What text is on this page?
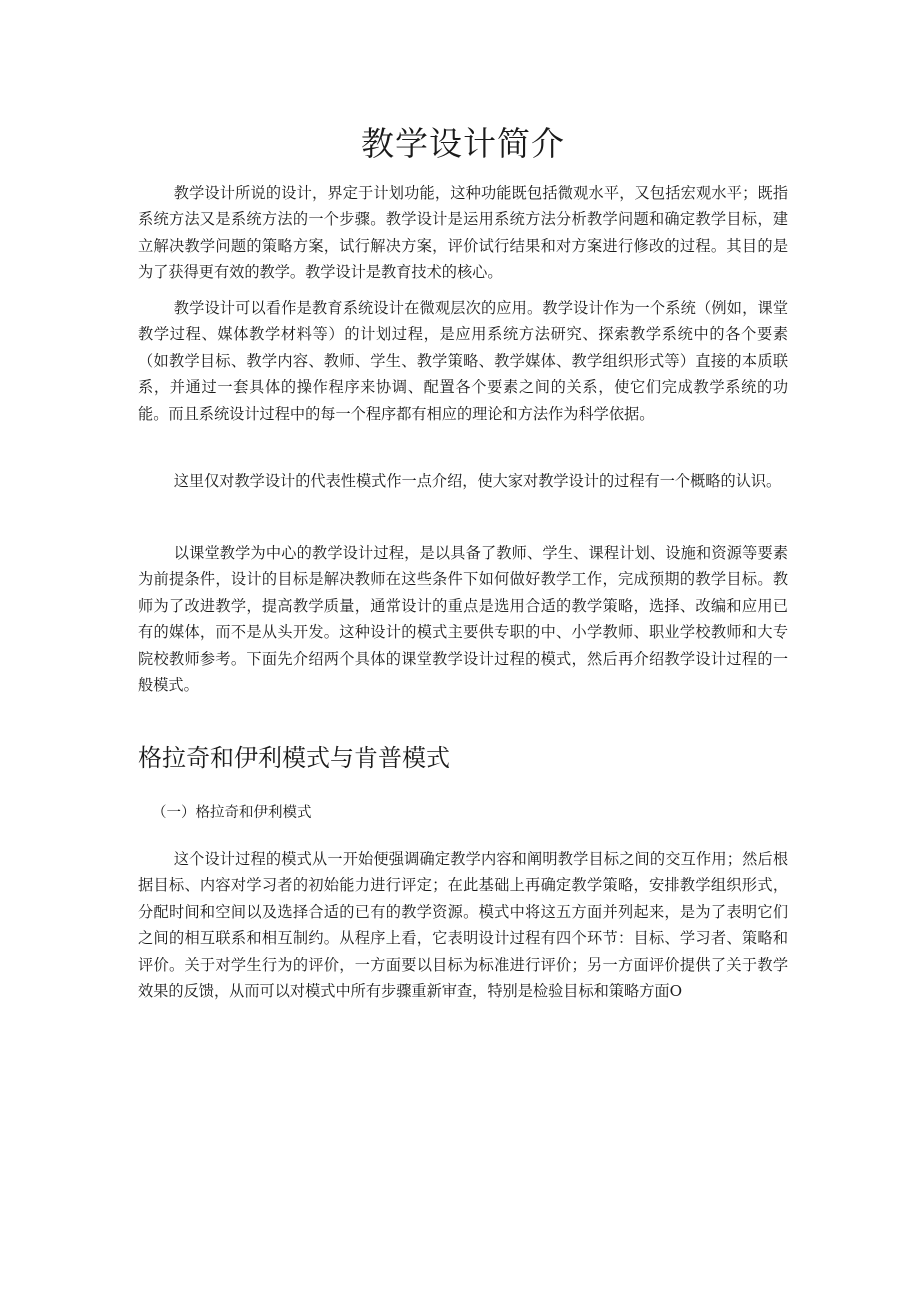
教学设计简介

教学设计所说的设计，界定于计划功能，这种功能既包括微观水平，又包括宏观水平；既指系统方法又是系统方法的一个步骤。教学设计是运用系统方法分析教学问题和确定教学目标，建立解决教学问题的策略方案，试行解决方案，评价试行结果和对方案进行修改的过程。其目的是为了获得更有效的教学。教学设计是教育技术的核心。

教学设计可以看作是教育系统设计在微观层次的应用。教学设计作为一个系统（例如，课堂教学过程、媒体教学材料等）的计划过程，是应用系统方法研究、探索教学系统中的各个要素（如教学目标、教学内容、教师、学生、教学策略、教学媒体、教学组织形式等）直接的本质联系，并通过一套具体的操作程序来协调、配置各个要素之间的关系，使它们完成教学系统的功能。而且系统设计过程中的每一个程序都有相应的理论和方法作为科学依据。

这里仅对教学设计的代表性模式作一点介绍，使大家对教学设计的过程有一个概略的认识。

以课堂教学为中心的教学设计过程，是以具备了教师、学生、课程计划、设施和资源等要素为前提条件，设计的目标是解决教师在这些条件下如何做好教学工作，完成预期的教学目标。教师为了改进教学，提高教学质量，通常设计的重点是选用合适的教学策略，选择、改编和应用已有的媒体，而不是从头开发。这种设计的模式主要供专职的中、小学教师、职业学校教师和大专院校教师参考。下面先介绍两个具体的课堂教学设计过程的模式，然后再介绍教学设计过程的一般模式。

格拉奇和伊利模式与肯普模式
（一）格拉奇和伊利模式

这个设计过程的模式从一开始便强调确定教学内容和阐明教学目标之间的交互作用；然后根据目标、内容对学习者的初始能力进行评定；在此基础上再确定教学策略，安排教学组织形式，分配时间和空间以及选择合适的已有的教学资源。模式中将这五方面并列起来，是为了表明它们之间的相互联系和相互制约。从程序上看，它表明设计过程有四个环节：目标、学习者、策略和评价。关于对学生行为的评价，一方面要以目标为标准进行评价；另一方面评价提供了关于教学效果的反馈，从而可以对模式中所有步骤重新审查，特别是检验目标和策略方面O
